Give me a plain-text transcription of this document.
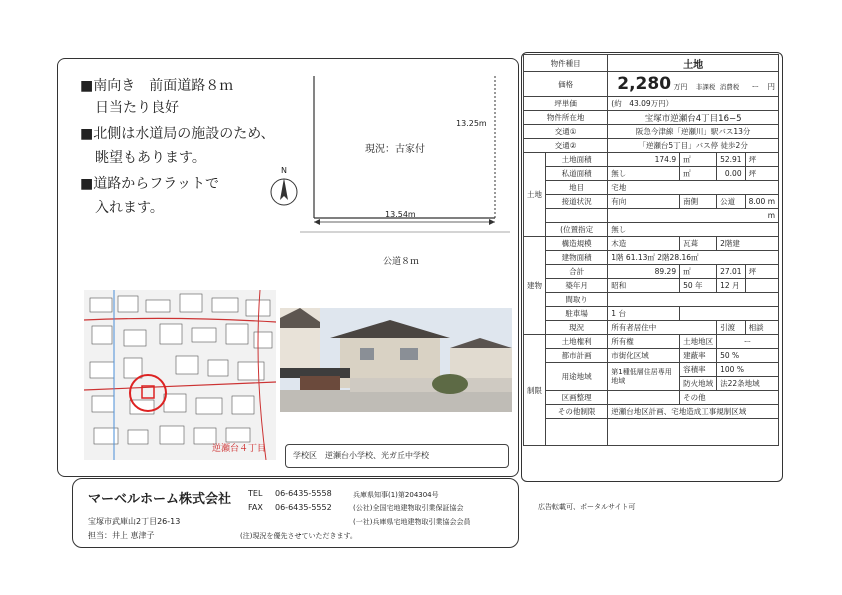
■南向き　前面道路８ｍ
日当たり良好
■北側は水道局の施設のため、
眺望もあります。
■道路からフラットで
入れます。
N
13.25m
現況：古家付
13.54m
公道８ｍ
逆瀬台４丁目
学校区　逆瀬台小学校、光ガ丘中学校
マーベルホーム株式会社
宝塚市武庫山2丁目26-13
担当：井上 恵津子
TEL 06-6435-5558
FAX 06-6435-5552
兵庫県知事(1)第204304号
(公社)全国宅地建物取引業保証協会
(一社)兵庫県宅地建物取引業協会会員
(注)現況を優先させていただきます。
広告転載可、ポータルサイト可
物件種目		土地			
価格		2,280 万円 非課税 消費税 ー 円			
坪単価		(約　43.09万円）			
物件所在地		宝塚市逆瀬台4丁目16−5			
交通①		阪急今津線「逆瀬川」駅バス13分			
交通②		「逆瀬台5丁目」バス停 徒歩2分			
土地	土地面積	174.9	㎡	52.91	坪
	私道面積	無し	㎡	0.00	坪
	地目	宅地			
	接道状況	有向	南側	公道	8.00 m
		m			
	(位置指定	無し			
建物	構造規模	木造	瓦葺	2階建	
	建物面積	1階 61.13㎡ 2階28.16㎡			
	合計	89.29	㎡	27.01	坪
	築年月	昭和	50 年	12 月	
	間取り				
	駐車場	1 台			
	現況	所有者居住中		引渡	相談
制限	土地権利	所有権	土地地区	ー	
	都市計画	市街化区域	建蔽率	50 %	
	用途地域	第1種低層住居専用地域	容積率	100 %	
			防火地域	法22条地域	
	区画整理		その他		
	その他制限	逆瀬台地区計画、宅地造成工事規制区域			
